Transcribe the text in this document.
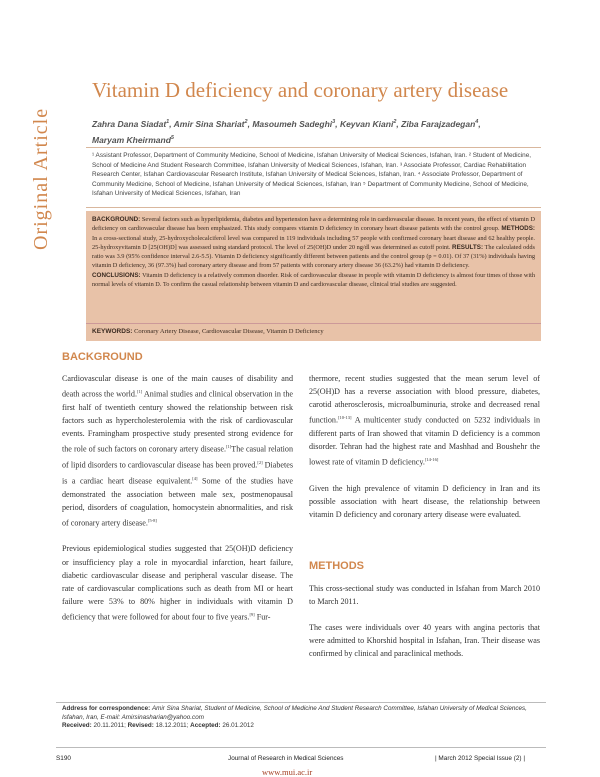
Original Article
Vitamin D deficiency and coronary artery disease
Zahra Dana Siadat$^1$, Amir Sina Shariat$^2$, Masoumeh Sadeghi$^3$, Keyvan Kiani$^2$, Ziba Farajzadegan$^4$,
Maryam Kheirmand$^5$
¹ Assistant Professor, Department of Community Medicine, School of Medicine, Isfahan University of Medical Sciences, Isfahan, Iran. ² Student of Medicine, School of Medicine And Student Research Committee, Isfahan University of Medical Sciences, Isfahan, Iran. ³ Associate Professor, Cardiac Rehabilitation Research Center, Isfahan Cardiovascular Research Institute, Isfahan University of Medical Sciences, Isfahan, Iran. ⁴ Associate Professor, Department of Community Medicine, School of Medicine, Isfahan University of Medical Sciences, Isfahan, Iran ⁵ Department of Community Medicine, School of Medicine, Isfahan University of Medical Sciences, Isfahan, Iran
BACKGROUND: Several factors such as hyperlipidemia, diabetes and hypertension have a determining role in cardiovascular disease. In recent years, the effect of vitamin D deficiency on cardiovascular disease has been emphasized. This study compares vitamin D deficiency in coronary heart disease patients with the control group. METHODS: In a cross-sectional study, 25-hydroxycholecalciferol level was compared in 119 individuals including 57 people with confirmed coronary heart disease and 62 healthy people. 25-hydroxyvitamin D [25(OH)D] was assessed using standard protocol. The level of 25(OH)D under 20 ng/dl was determined as cutoff point. RESULTS: The calculated odds ratio was 3.9 (95% confidence interval 2.6-5.5). Vitamin D deficiency significantly different between patients and the control group (p = 0.01). Of 37 (31%) individuals having vitamin D deficiency, 36 (97.3%) had coronary artery disease and from 57 patients with coronary artery disease 36 (63.2%) had vitamin D deficiency.
CONCLUSIONS: Vitamin D deficiency is a relatively common disorder. Risk of cardiovascular disease in people with vitamin D deficiency is almost four times of those with normal levels of vitamin D. To confirm the casual relationship between vitamin D and cardiovascular disease, clinical trial studies are suggested.
KEYWORDS: Coronary Artery Disease, Cardiovascular Disease, Vitamin D Deficiency
BACKGROUND

Cardiovascular disease is one of the main causes of disability and death across the world.[1] Animal studies and clinical observation in the first half of twentieth century showed the relationship between risk factors such as hypercholesterolemia with the risk of cardiovascular events. Framingham prospective study presented strong evidence for the role of such factors on coronary artery disease.[1]The casual relation of lipid disorders to cardiovascular disease has been proved.[2] Diabetes is a cardiac heart disease equivalent.[4] Some of the studies have demonstrated the association between male sex, postmenopausal period, disorders of coagulation, homocystein abnormalities, and risk of coronary artery disease.[5-8]

Previous epidemiological studies suggested that 25(OH)D deficiency or insufficiency play a role in myocardial infarction, heart failure, diabetic cardiovascular disease and peripheral vascular disease. The rate of cardiovascular complications such as death from MI or heart failure were 53% to 80% higher in individuals with vitamin D deficiency that were followed for about four to five years.[9] Fur-

thermore, recent studies suggested that the mean serum level of 25(OH)D has a reverse association with blood pressure, diabetes, carotid atherosclerosis, microalbuminuria, stroke and decreased renal function.[10-13] A multicenter study conducted on 5232 individuals in different parts of Iran showed that vitamin D deficiency is a common disorder. Tehran had the highest rate and Mashhad and Boushehr the lowest rate of vitamin D deficiency.[14-16]

Given the high prevalence of vitamin D deficiency in Iran and its possible association with heart disease, the relationship between vitamin D deficiency and coronary artery disease were evaluated.

METHODS

This cross-sectional study was conducted in Isfahan from March 2010 to March 2011.

The cases were individuals over 40 years with angina pectoris that were admitted to Khorshid hospital in Isfahan, Iran. Their disease was confirmed by clinical and paraclinical methods.

Address for correspondence: Amir Sina Shariat, Student of Medicine, School of Medicine And Student Research Committee, Isfahan University of Medical Sciences, Isfahan, Iran, E-mail: Amirsinasharian@yahoo.com
Received: 20.11.2011; Revised: 18.12.2011; Accepted: 26.01.2012
S190	Journal of Research in Medical Sciences	| March 2012 Special Issue (2) |
www.mui.ac.ir
